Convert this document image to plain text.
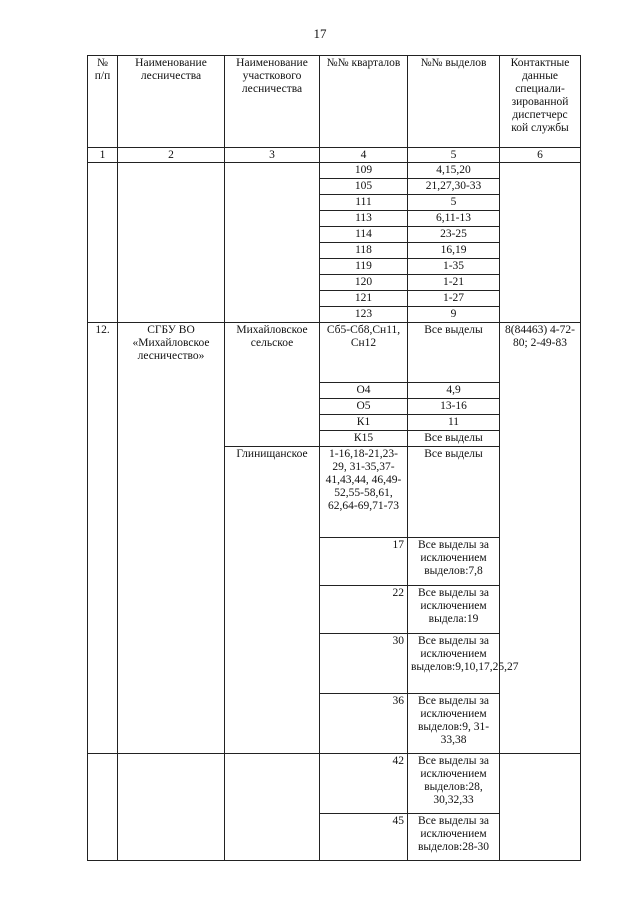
17
№ п/п	Наименование лесничества	Наименование участкового лесничества	№№ кварталов	№№ выделов	Контактные данные специали-зированной диспетчерс кой службы
1	2	3	4	5	6
			109	4,15,20	
			105	21,27,30-33	
			111	5	
			113	6,11-13	
			114	23-25	
			118	16,19	
			119	1-35	
			120	1-21	
			121	1-27	
			123	9	
12.	СГБУ ВО «Михайловское лесничество»	Михайловское сельское	Сб5-Сб8,Сн11, Сн12	Все выделы	8(84463) 4-72-80; 2-49-83
			О4	4,9	
			О5	13-16	
			К1	11	
			К15	Все выделы	
		Глинищанское	1-16,18-21,23-29, 31-35,37-41,43,44, 46,49-52,55-58,61, 62,64-69,71-73	Все выделы	
			17	Все выделы за исключением выделов:7,8	
			22	Все выделы за исключением выдела:19	
			30	Все выделы за исключением выделов:9,10,17,25,27	
			36	Все выделы за исключением выделов:9, 31-33,38	
			42	Все выделы за исключением выделов:28, 30,32,33	
			45	Все выделы за исключением выделов:28-30	
